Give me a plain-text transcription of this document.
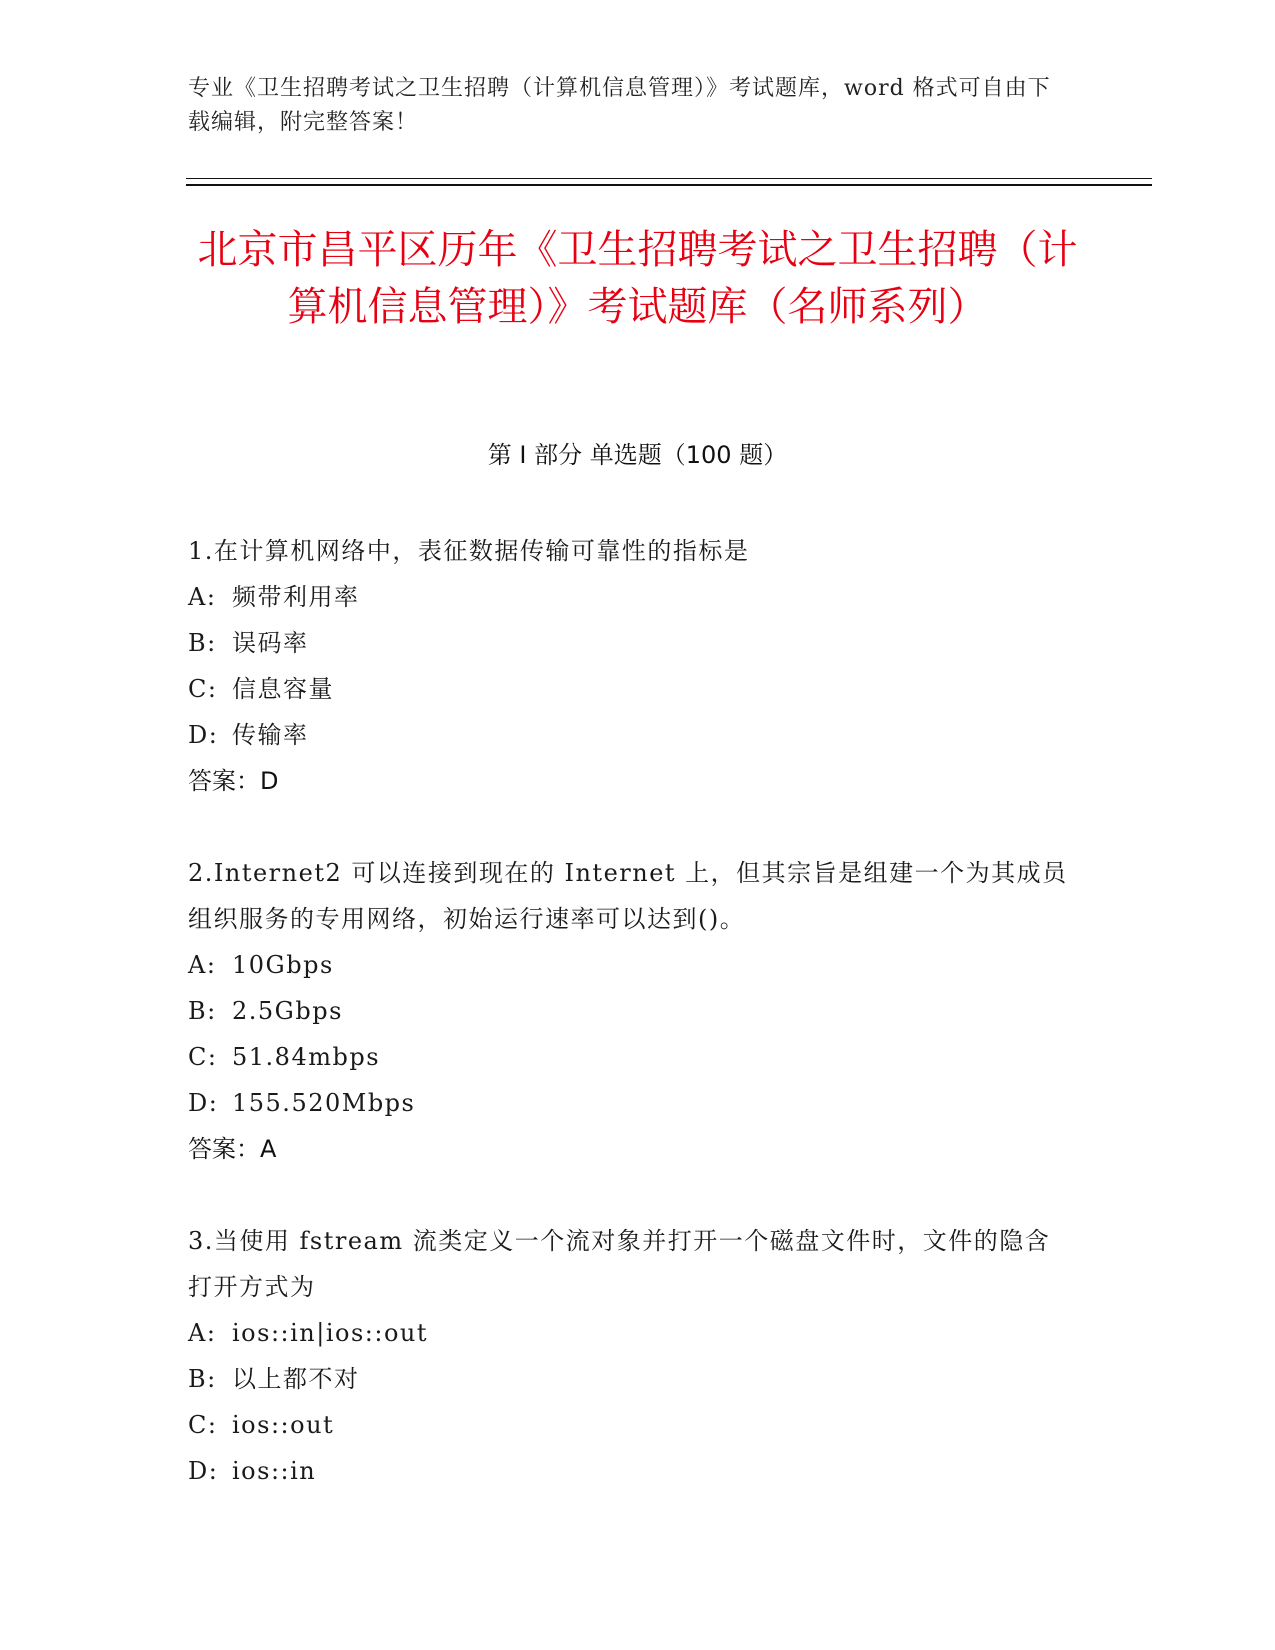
专业《卫生招聘考试之卫生招聘（计算机信息管理）》考试题库，word 格式可自由下载编辑，附完整答案！
北京市昌平区历年《卫生招聘考试之卫生招聘（计算机信息管理）》考试题库（名师系列）
第 I 部分 单选题（100 题）
1.在计算机网络中，表征数据传输可靠性的指标是
A: 频带利用率
B: 误码率
C: 信息容量
D: 传输率
答案：D
2.Internet2 可以连接到现在的 Internet 上，但其宗旨是组建一个为其成员组织服务的专用网络，初始运行速率可以达到()。
A: 10Gbps
B: 2.5Gbps
C: 51.84mbps
D: 155.520Mbps
答案：A
3.当使用 fstream 流类定义一个流对象并打开一个磁盘文件时，文件的隐含打开方式为
A: ios::in|ios::out
B: 以上都不对
C: ios::out
D: ios::in
